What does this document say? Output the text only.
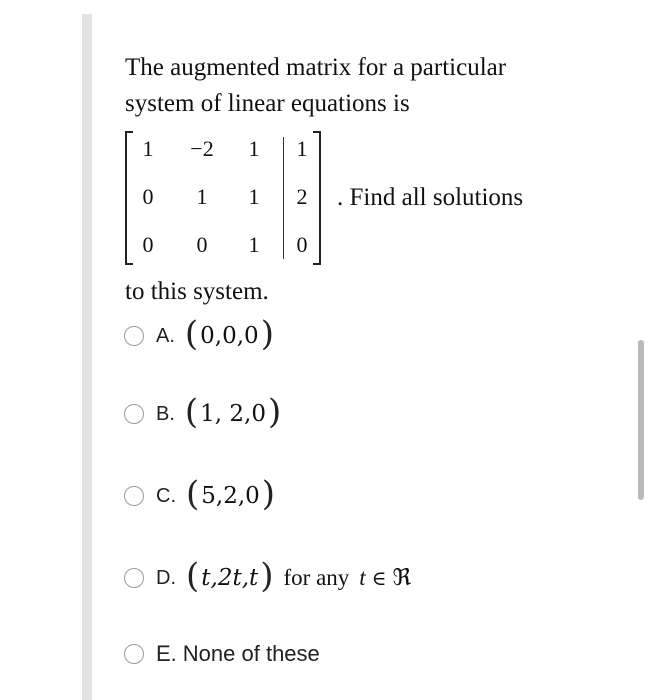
The augmented matrix for a particular
system of linear equations is
1	−2	1	1
0	1	1	2
0	0	1	0
. Find all solutions
to this system.
A. ( 0,0,0 )
B. ( 1, 2,0 )
C. ( 5,2,0 )
D. ( t,2t,t ) for any t ∈ ℜ
E. None of these
